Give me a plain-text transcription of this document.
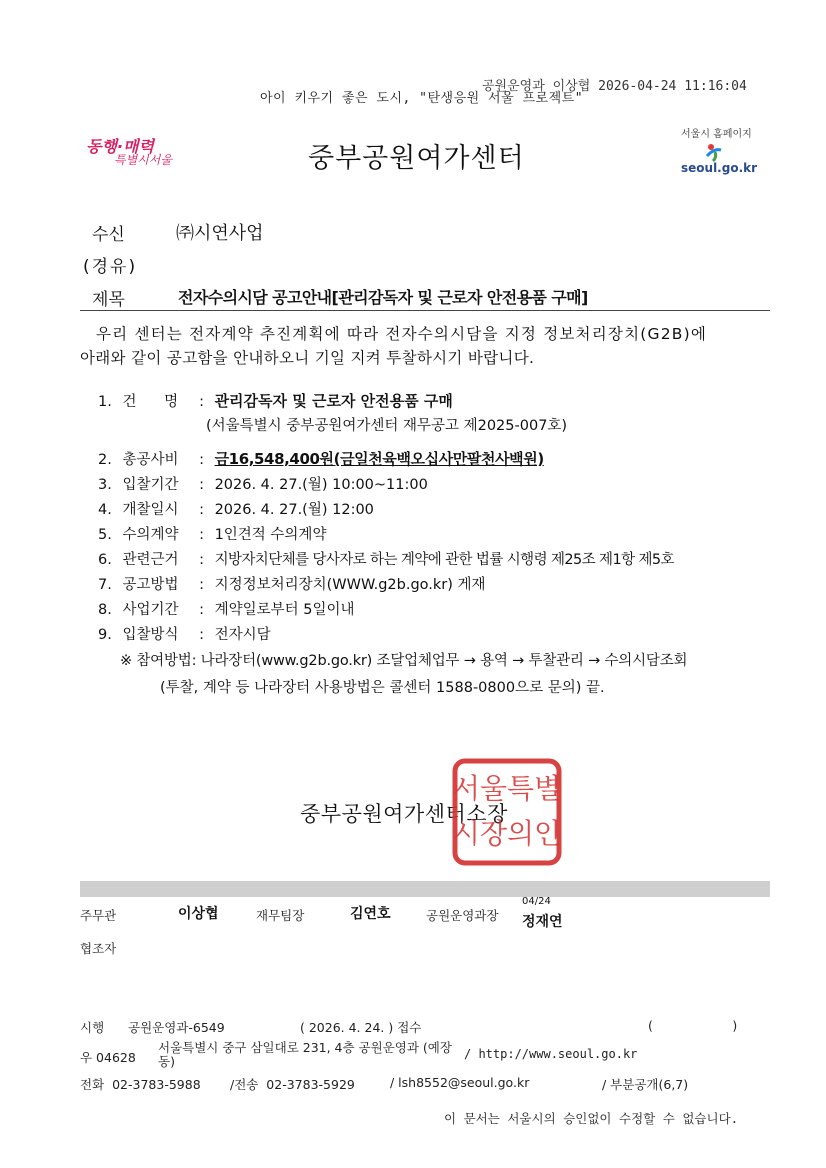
공원운영과 이상협 2026-04-24 11:16:04
아이 키우기 좋은 도시, "탄생응원 서울 프로젝트"
동행·매력
특별시서울	중부공원여가센터
서울시 홈페이지
seoul.go.kr
수신	㈜시연사업
(경유)
제목	전자수의시담 공고안내[관리감독자 및 근로자 안전용품 구매]
우리 센터는 전자계약 추진계획에 따라 전자수의시담을 지정 정보처리장치(G2B)에
아래와 같이 공고함을 안내하오니 기일 지켜 투찰하시기 바랍니다.
1. 건      명 : 관리감독자 및 근로자 안전용품 구매
(서울특별시 중부공원여가센터 재무공고 제2025-007호)
2. 총공사비 : 금16,548,400원(금일천육백오십사만팔천사백원)
3. 입찰기간 : 2026. 4. 27.(월) 10:00~11:00
4. 개찰일시 : 2026. 4. 27.(월) 12:00
5. 수의계약 : 1인견적 수의계약
6. 관련근거 : 지방자치단체를 당사자로 하는 계약에 관한 법률 시행령 제25조 제1항 제5호
7. 공고방법 : 지정정보처리장치(WWW.g2b.go.kr) 게재
8. 사업기간 : 계약일로부터 5일이내
9. 입찰방식 : 전자시담
※ 참여방법: 나라장터(www.g2b.go.kr) 조달업체업무 → 용역 → 투찰관리 → 수의시담조회
(투찰, 계약 등 나라장터 사용방법은 콜센터 1588-0800으로 문의) 끝.
중부공원여가센터소장
서울특별
시장의인
주무관	이상협	재무팀장	김연호	공원운영과장
04/24
정재연
협조자
시행 공원운영과-6549	( 2026. 4. 24. ) 접수	(                    )
우 04628
서울특별시 중구 삼일대로 231, 4층 공원운영과 (예장동)	/ http://www.seoul.go.kr
전화  02-3783-5988 /전송  02-3783-5929	/ lsh8552@seoul.go.kr	/ 부분공개(6,7)
이 문서는 서울시의 승인없이 수정할 수 없습니다.
